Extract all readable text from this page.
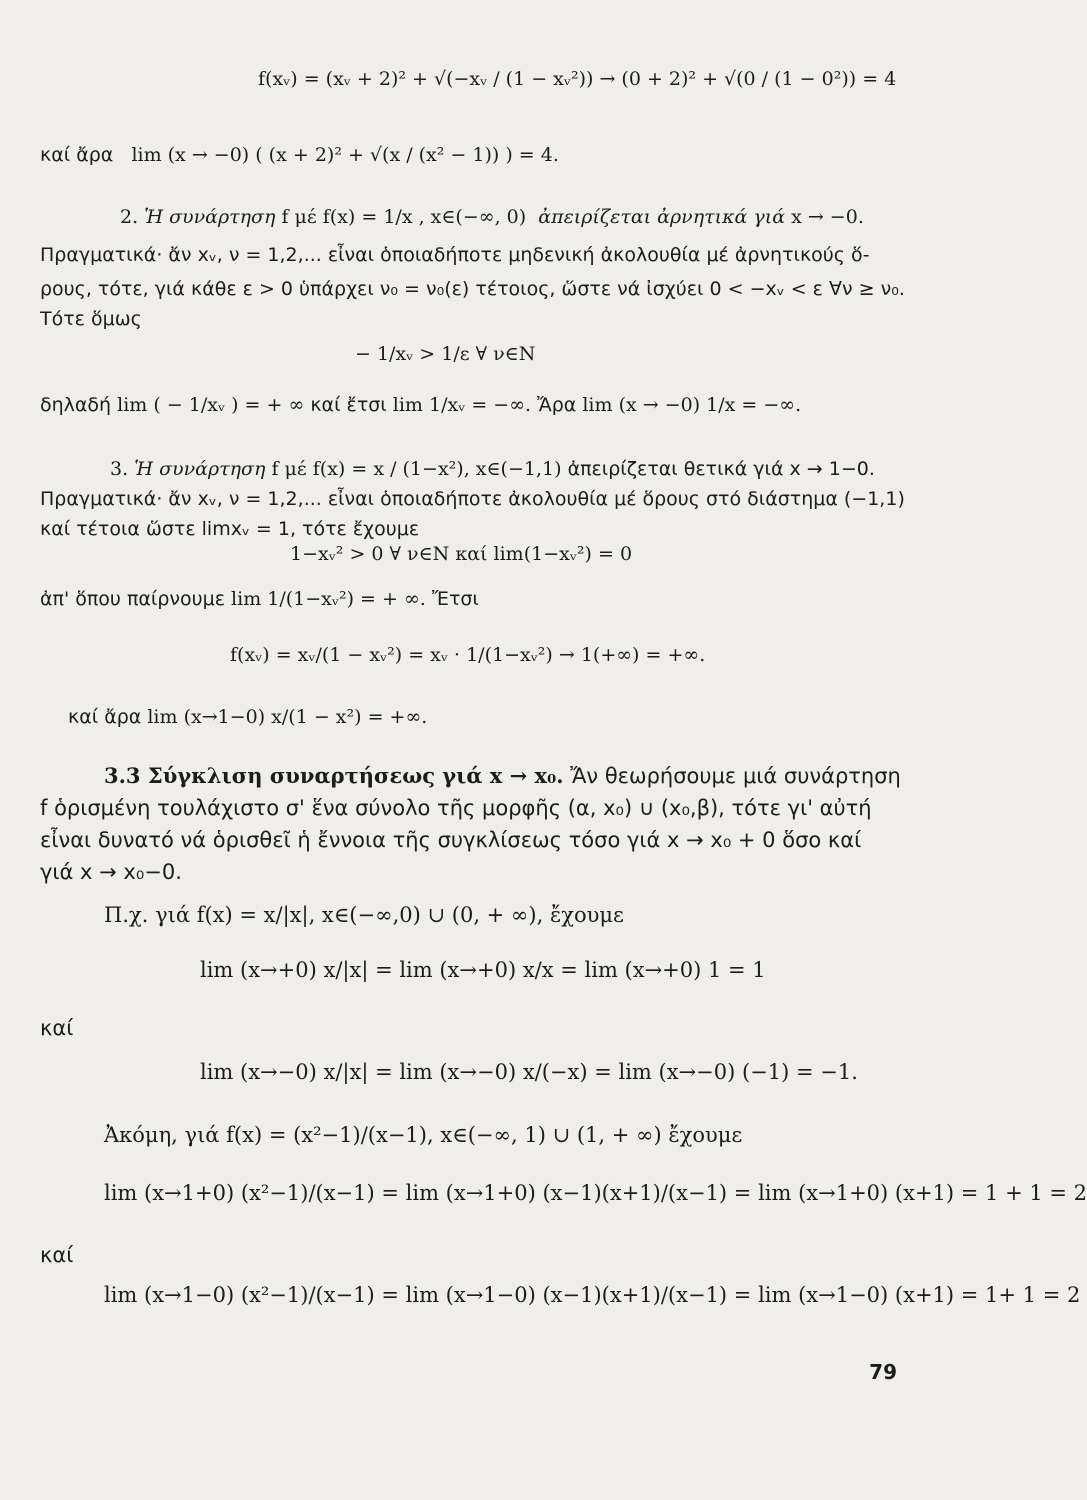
f(xᵥ) = (xᵥ + 2)² + √(−xᵥ / (1 − xᵥ²)) → (0 + 2)² + √(0 / (1 − 0²)) = 4
καί ἄρα lim (x → −0) ( (x + 2)² + √(x / (x² − 1)) ) = 4.
2. Ἡ συνάρτηση f μέ f(x) = 1/x , x∈(−∞, 0) ἀπειρίζεται ἀρνητικά γιά x → −0.
Πραγματικά· ἄν xᵥ, ν = 1,2,... εἶναι ὁποιαδήποτε μηδενική ἀκολουθία μέ ἀρνητικούς ὅ-
ρους, τότε, γιά κάθε ε > 0 ὑπάρχει ν₀ = ν₀(ε) τέτοιος, ὥστε νά ἰσχύει 0 < −xᵥ < ε ∀ν ≥ ν₀.
Τότε ὅμως
− 1/xᵥ > 1/ε ∀ ν∈N
δηλαδή lim ( − 1/xᵥ ) = + ∞ καί ἔτσι lim 1/xᵥ = −∞. Ἄρα lim (x → −0) 1/x = −∞.
3. Ἡ συνάρτηση f μέ f(x) = x / (1−x²), x∈(−1,1) ἀπειρίζεται θετικά γιά x → 1−0.
Πραγματικά· ἄν xᵥ, ν = 1,2,... εἶναι ὁποιαδήποτε ἀκολουθία μέ ὅρους στό διάστημα (−1,1)
καί τέτοια ὥστε limxᵥ = 1, τότε ἔχουμε
1−xᵥ² > 0 ∀ ν∈N καί lim(1−xᵥ²) = 0
ἀπ' ὅπου παίρνουμε lim 1/(1−xᵥ²) = + ∞. Ἔτσι
f(xᵥ) = xᵥ/(1 − xᵥ²) = xᵥ · 1/(1−xᵥ²) → 1(+∞) = +∞.
καί ἄρα lim (x→1−0) x/(1 − x²) = +∞.
3.3 Σύγκλιση συναρτήσεως γιά x → x₀. Ἄν θεωρήσουμε μιά συνάρτηση
f ὁρισμένη τουλάχιστο σ' ἕνα σύνολο τῆς μορφῆς (α, x₀) ∪ (x₀,β), τότε γι' αὐτή
εἶναι δυνατό νά ὁρισθεῖ ἡ ἔννοια τῆς συγκλίσεως τόσο γιά x → x₀ + 0 ὅσο καί
γιά x → x₀−0.
Π.χ. γιά f(x) = x/|x|, x∈(−∞,0) ∪ (0, + ∞), ἔχουμε
lim (x→+0) x/|x| = lim (x→+0) x/x = lim (x→+0) 1 = 1
καί
lim (x→−0) x/|x| = lim (x→−0) x/(−x) = lim (x→−0) (−1) = −1.
Ἀκόμη, γιά f(x) = (x²−1)/(x−1), x∈(−∞, 1) ∪ (1, + ∞) ἔχουμε
lim (x→1+0) (x²−1)/(x−1) = lim (x→1+0) (x−1)(x+1)/(x−1) = lim (x→1+0) (x+1) = 1 + 1 = 2
καί
lim (x→1−0) (x²−1)/(x−1) = lim (x→1−0) (x−1)(x+1)/(x−1) = lim (x→1−0) (x+1) = 1+ 1 = 2
79
